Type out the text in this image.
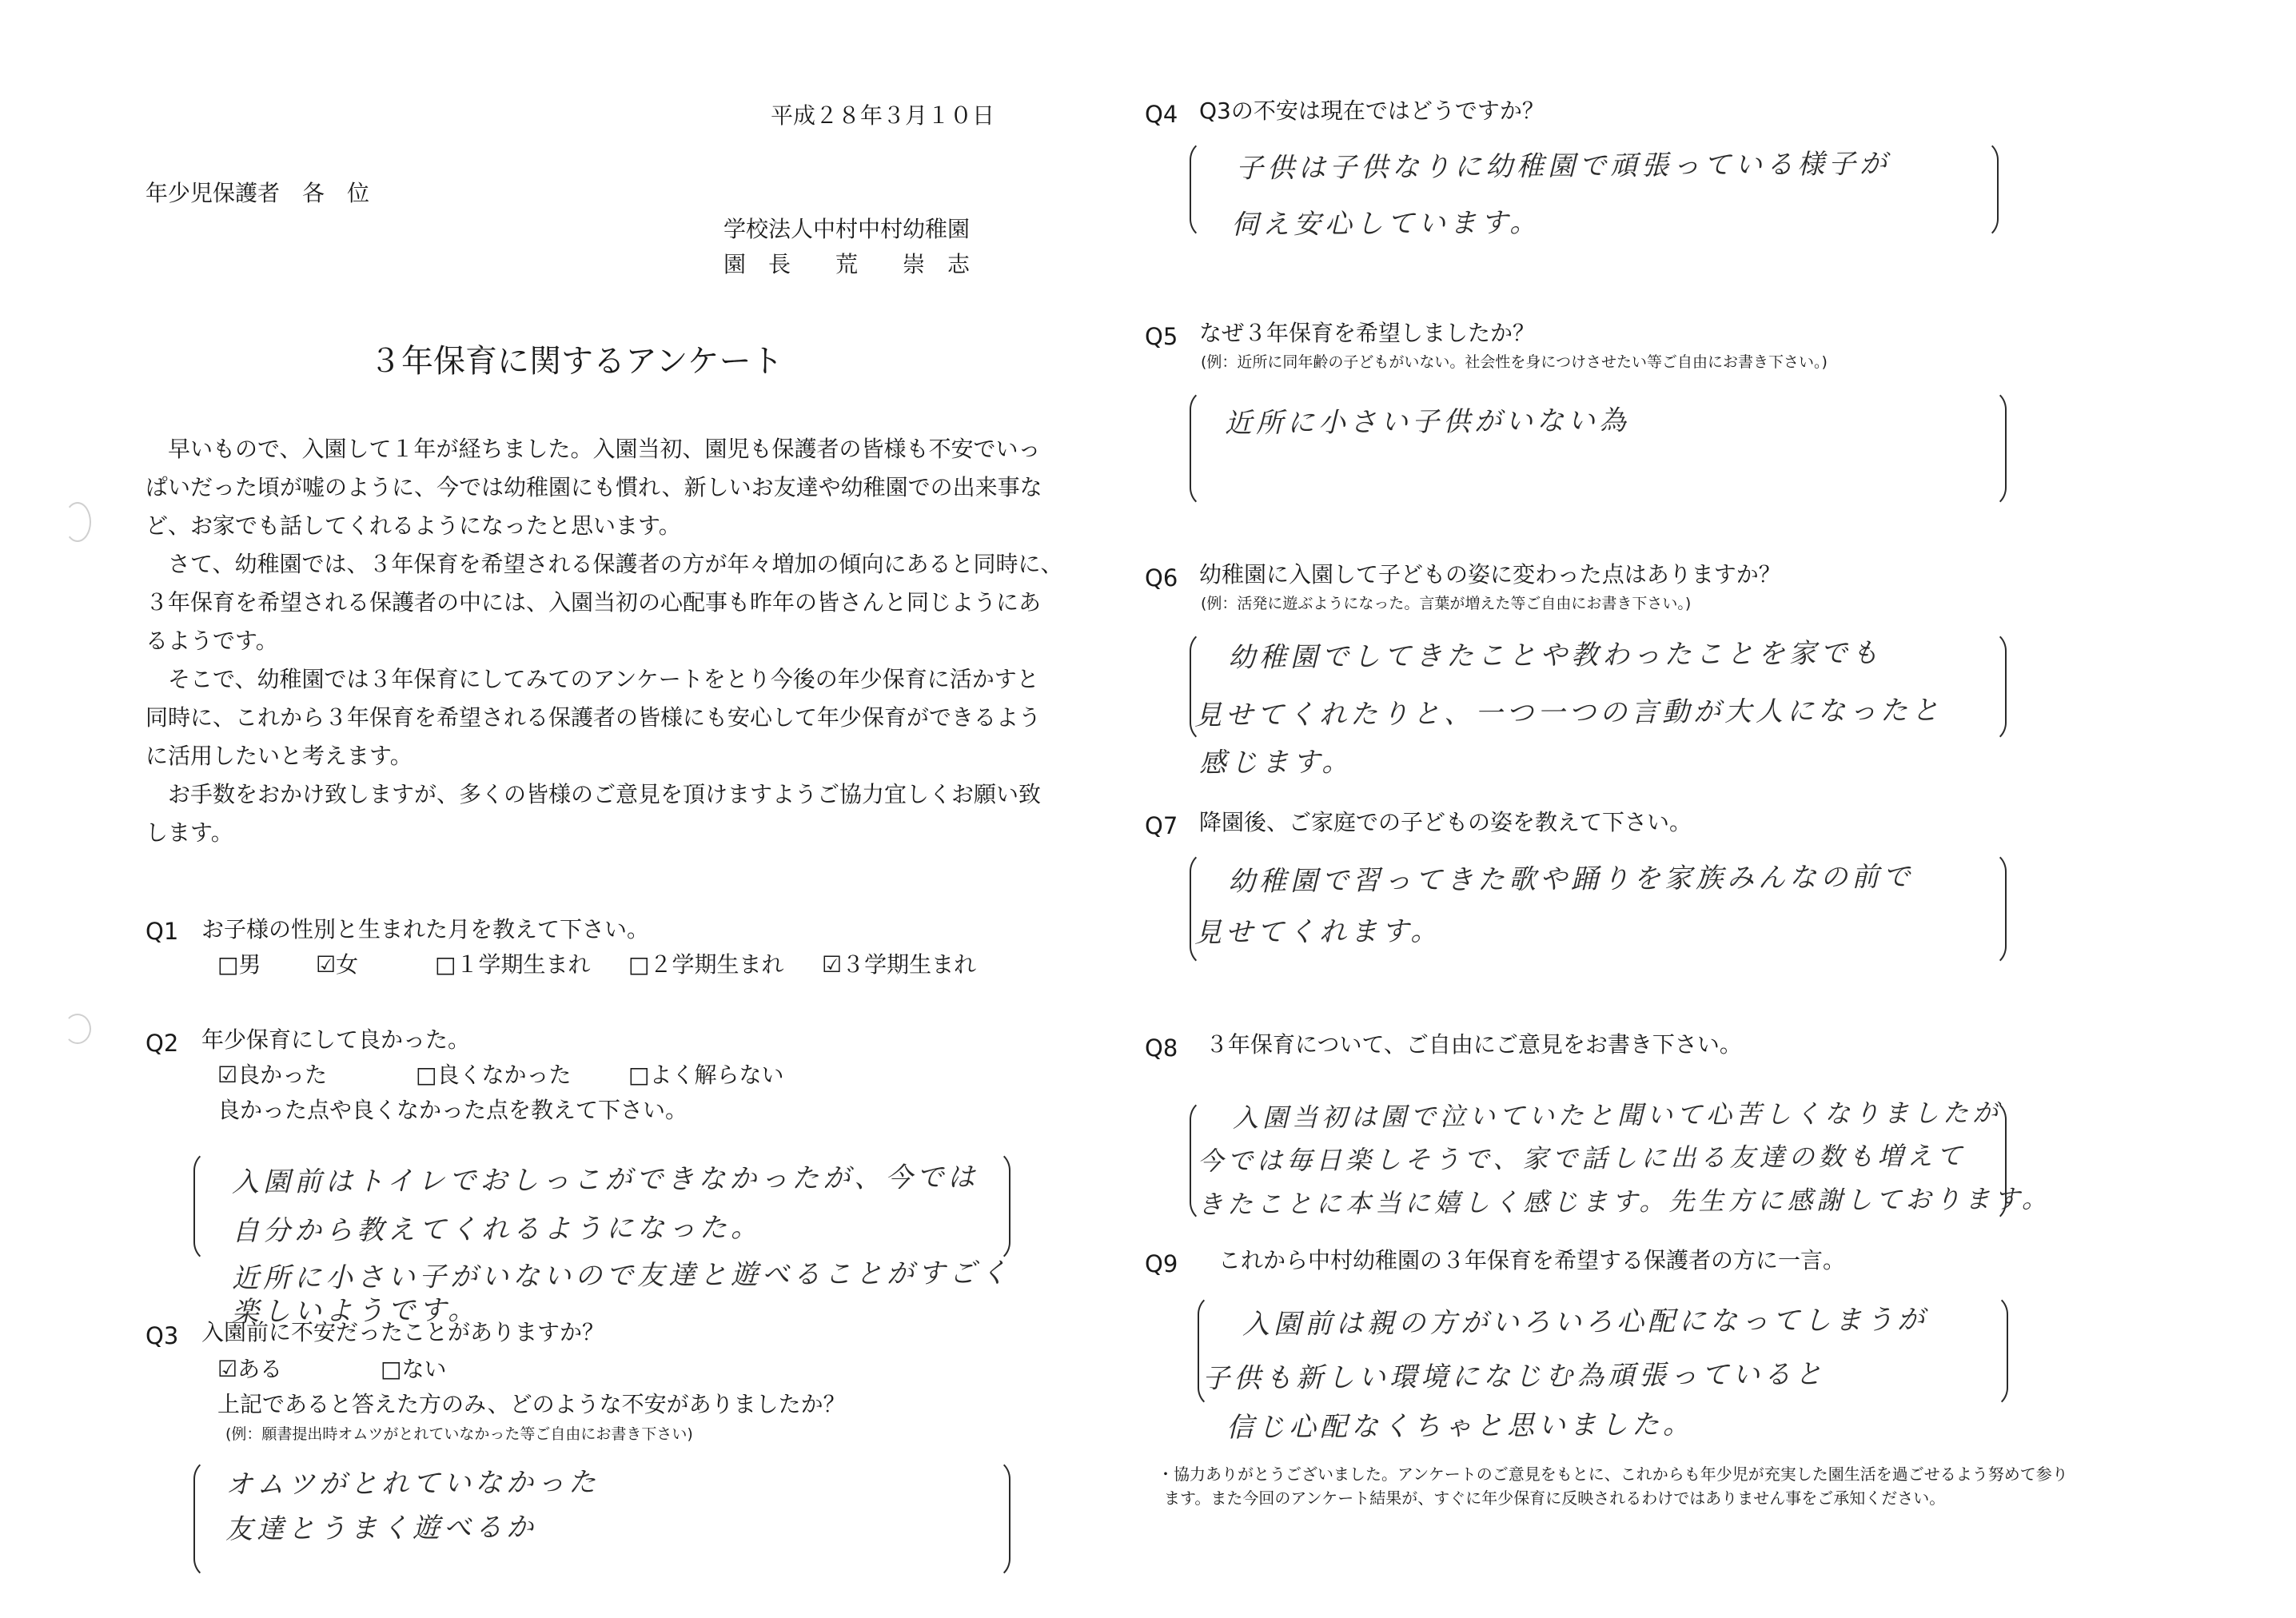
平成２８年３月１０日
年少児保護者　各　位
学校法人中村中村幼稚園
園　長　　荒　　崇　志
３年保育に関するアンケート
　早いもので、入園して１年が経ちました。入園当初、園児も保護者の皆様も不安でいっ
ぱいだった頃が嘘のように、今では幼稚園にも慣れ、新しいお友達や幼稚園での出来事な
ど、お家でも話してくれるようになったと思います。
　さて、幼稚園では、３年保育を希望される保護者の方が年々増加の傾向にあると同時に、
３年保育を希望される保護者の中には、入園当初の心配事も昨年の皆さんと同じようにあ
るようです。
　そこで、幼稚園では３年保育にしてみてのアンケートをとり今後の年少保育に活かすと
同時に、これから３年保育を希望される保護者の皆様にも安心して年少保育ができるよう
に活用したいと考えます。
　お手数をおかけ致しますが、多くの皆様のご意見を頂けますようご協力宜しくお願い致
します。
Q1 お子様の性別と生まれた月を教えて下さい。
□男 ☑女	□１学期生まれ □２学期生まれ ☑３学期生まれ
Q2 年少保育にして良かった。
☑良かった	□良くなかった	□よく解らない
良かった点や良くなかった点を教えて下さい。
入園前はトイレでおしっこができなかったが、今では
自分から教えてくれるようになった。
近所に小さい子がいないので友達と遊べることがすごく
楽しいようです。
Q3 入園前に不安だったことがありますか？
☑ある	□ない
上記であると答えた方のみ、どのような不安がありましたか？
(例：願書提出時オムツがとれていなかった等ご自由にお書き下さい)
オムツがとれていなかった
友達とうまく遊べるか
Q4 Q3の不安は現在ではどうですか？
子供は子供なりに幼稚園で頑張っている様子が
伺え安心しています。
Q5 なぜ３年保育を希望しましたか？
(例：近所に同年齢の子どもがいない。社会性を身につけさせたい等ご自由にお書き下さい。)
近所に小さい子供がいない為
Q6 幼稚園に入園して子どもの姿に変わった点はありますか？
(例：活発に遊ぶようになった。言葉が増えた等ご自由にお書き下さい。)
幼稚園でしてきたことや教わったことを家でも
見せてくれたりと、一つ一つの言動が大人になったと
感じます。
Q7 降園後、ご家庭での子どもの姿を教えて下さい。
幼稚園で習ってきた歌や踊りを家族みんなの前で
見せてくれます。
Q8 ３年保育について、ご自由にご意見をお書き下さい。
入園当初は園で泣いていたと聞いて心苦しくなりましたが
今では毎日楽しそうで、家で話しに出る友達の数も増えて
きたことに本当に嬉しく感じます。先生方に感謝しております。
Q9 これから中村幼稚園の３年保育を希望する保護者の方に一言。
入園前は親の方がいろいろ心配になってしまうが
子供も新しい環境になじむ為頑張っていると
信じ心配なくちゃと思いました。
・協力ありがとうございました。アンケートのご意見をもとに、これからも年少児が充実した園生活を過ごせるよう努めて参り
ます。また今回のアンケート結果が、すぐに年少保育に反映されるわけではありません事をご承知ください。
